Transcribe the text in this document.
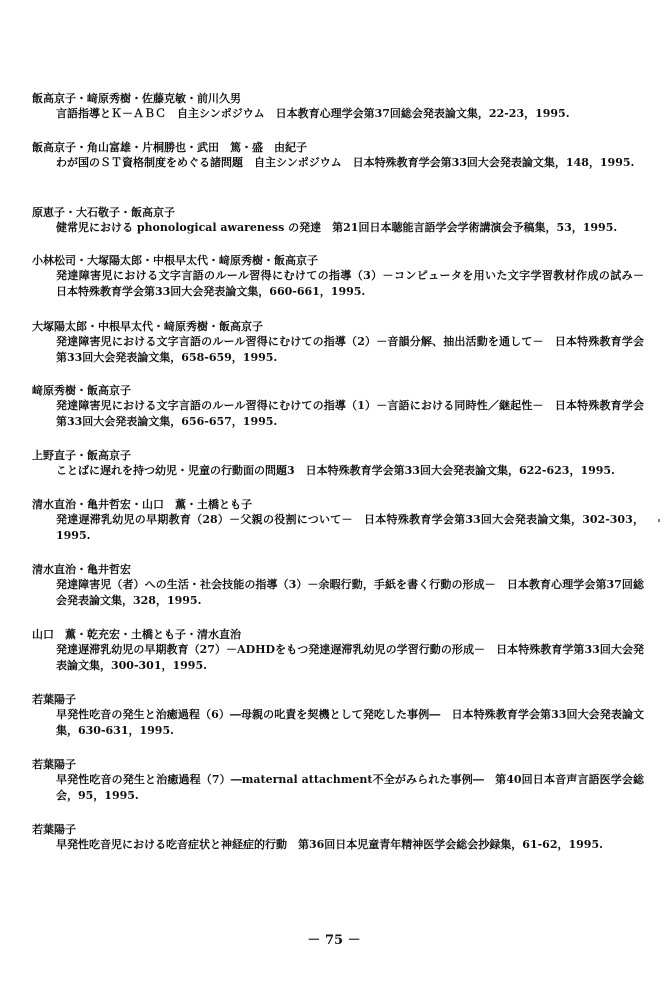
飯高京子・﨑原秀樹・佐藤克敏・前川久男
言語指導とＫ－ＡＢＣ　自主シンポジウム　日本教育心理学会第37回総会発表論文集，22-23，1995.
飯高京子・角山富雄・片桐勝也・武田　篤・盛　由紀子
わが国のＳＴ資格制度をめぐる諸問題　自主シンポジウム　日本特殊教育学会第33回大会発表論文集，148，1995.
原恵子・大石敬子・飯高京子
健常児における phonological awareness の発達　第21回日本聴能言語学会学術講演会予稿集，53，1995.
小林松司・大塚陽太郎・中根早太代・﨑原秀樹・飯高京子
発達障害児における文字言語のルール習得にむけての指導（3）－コンピュータを用いた文字学習教材作成の試み－　日本特殊教育学会第33回大会発表論文集，660-661，1995.
大塚陽太郎・中根早太代・﨑原秀樹・飯高京子
発達障害児における文字言語のルール習得にむけての指導（2）－音韻分解、抽出活動を通して－　日本特殊教育学会第33回大会発表論文集，658-659，1995.
﨑原秀樹・飯高京子
発達障害児における文字言語のルール習得にむけての指導（1）－言語における同時性／継起性－　日本特殊教育学会第33回大会発表論文集，656-657，1995.
上野直子・飯高京子
ことばに遅れを持つ幼児・児童の行動面の問題3　日本特殊教育学会第33回大会発表論文集，622-623，1995.
清水直治・亀井哲宏・山口　薫・土橋とも子
発達遅滞乳幼児の早期教育（28）－父親の役割について－　日本特殊教育学会第33回大会発表論文集，302-303，1995.
清水直治・亀井哲宏
発達障害児（者）への生活・社会技能の指導（3）－余暇行動，手紙を書く行動の形成－　日本教育心理学会第37回総会発表論文集，328，1995.
山口　薫・乾充宏・土橋とも子・清水直治
発達遅滞乳幼児の早期教育（27）－ADHDをもつ発達遅滞乳幼児の学習行動の形成－　日本特殊教育学第33回大会発表論文集，300-301，1995.
若葉陽子
早発性吃音の発生と治癒過程（6）―母親の叱責を契機として発吃した事例―　日本特殊教育学会第33回大会発表論文集，630-631，1995.
若葉陽子
早発性吃音の発生と治癒過程（7）―maternal attachment不全がみられた事例―　第40回日本音声言語医学会総会，95，1995.
若葉陽子
早発性吃音児における吃音症状と神経症的行動　第36回日本児童青年精神医学会総会抄録集，61-62，1995.
－ 75 －
